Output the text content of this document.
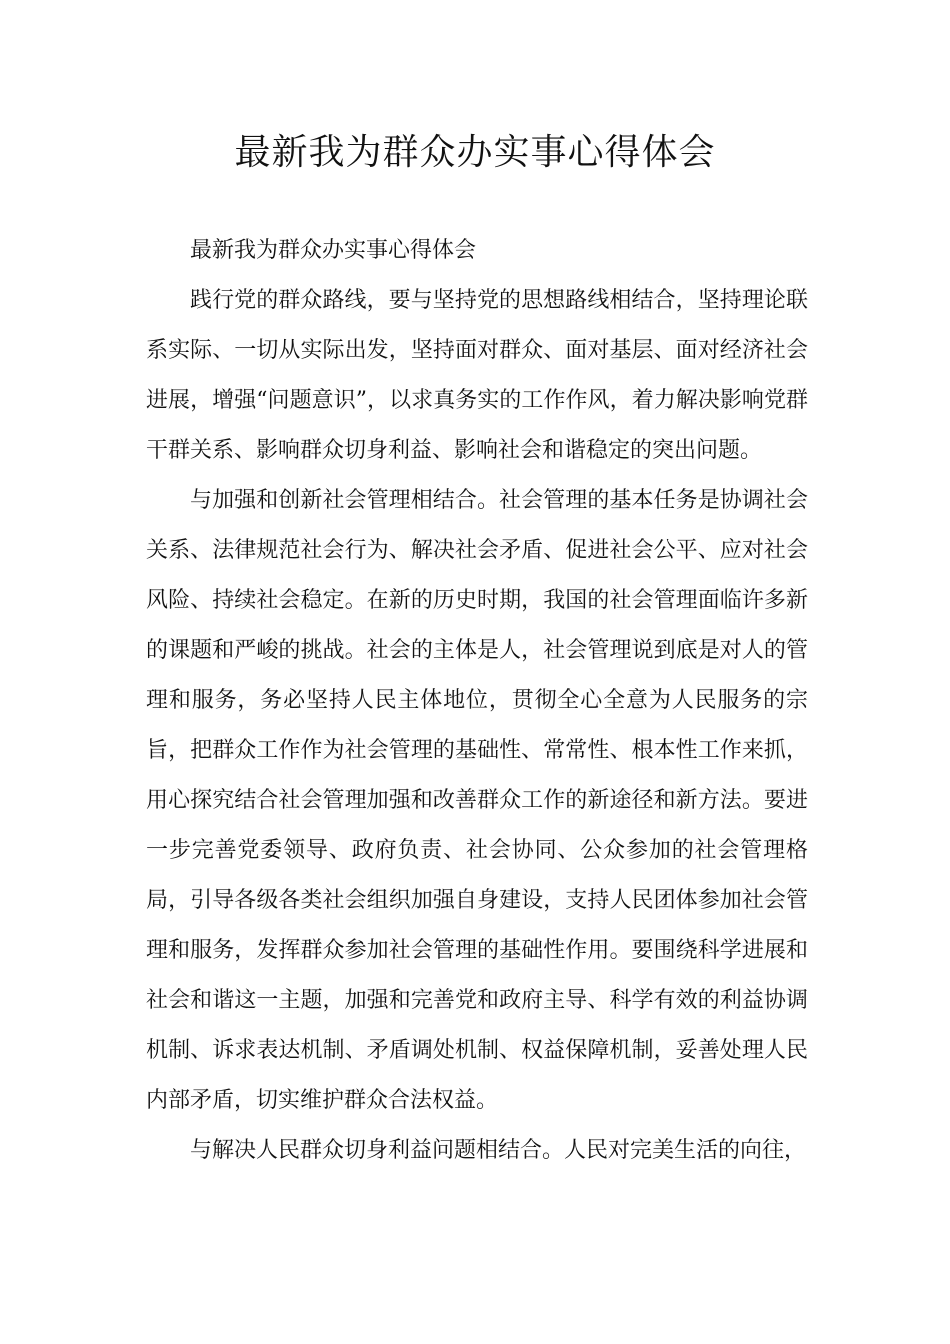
最新我为群众办实事心得体会

最新我为群众办实事心得体会

践行党的群众路线，要与坚持党的思想路线相结合，坚持理论联系实际、一切从实际出发，坚持面对群众、面对基层、面对经济社会进展，增强“问题意识”，以求真务实的工作作风，着力解决影响党群干群关系、影响群众切身利益、影响社会和谐稳定的突出问题。

与加强和创新社会管理相结合。社会管理的基本任务是协调社会关系、法律规范社会行为、解决社会矛盾、促进社会公平、应对社会风险、持续社会稳定。在新的历史时期，我国的社会管理面临许多新的课题和严峻的挑战。社会的主体是人，社会管理说到底是对人的管理和服务，务必坚持人民主体地位，贯彻全心全意为人民服务的宗旨，把群众工作作为社会管理的基础性、常常性、根本性工作来抓，用心探究结合社会管理加强和改善群众工作的新途径和新方法。要进一步完善党委领导、政府负责、社会协同、公众参加的社会管理格局，引导各级各类社会组织加强自身建设，支持人民团体参加社会管理和服务，发挥群众参加社会管理的基础性作用。要围绕科学进展和社会和谐这一主题，加强和完善党和政府主导、科学有效的利益协调机制、诉求表达机制、矛盾调处机制、权益保障机制，妥善处理人民内部矛盾，切实维护群众合法权益。

与解决人民群众切身利益问题相结合。人民对完美生活的向往，
